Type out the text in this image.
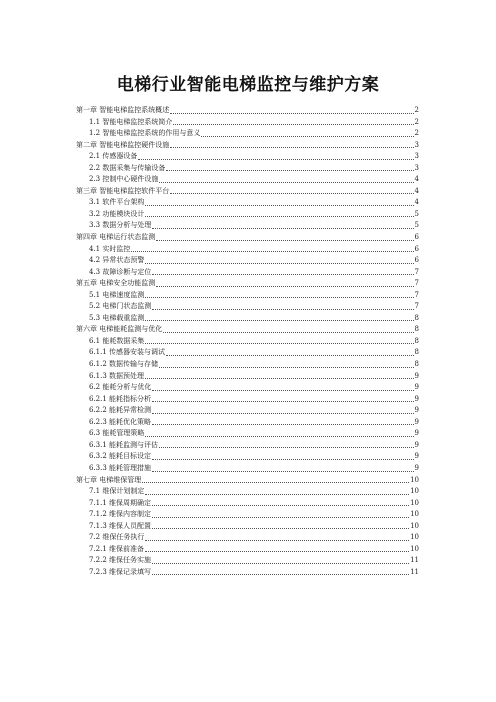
电梯行业智能电梯监控与维护方案
第一章 智能电梯监控系统概述	2
1.1 智能电梯监控系统简介	2
1.2 智能电梯监控系统的作用与意义	2
第二章 智能电梯监控硬件设施	3
2.1 传感器设备	3
2.2 数据采集与传输设备	3
2.3 控制中心硬件设施	4
第三章 智能电梯监控软件平台	4
3.1 软件平台架构	4
3.2 功能模块设计	5
3.3 数据分析与处理	5
第四章 电梯运行状态监测	6
4.1 实时监控	6
4.2 异常状态预警	6
4.3 故障诊断与定位	7
第五章 电梯安全功能监测	7
5.1 电梯速度监测	7
5.2 电梯门状态监测	7
5.3 电梯载重监测	8
第六章 电梯能耗监测与优化	8
6.1 能耗数据采集	8
6.1.1 传感器安装与调试	8
6.1.2 数据传输与存储	8
6.1.3 数据预处理	9
6.2 能耗分析与优化	9
6.2.1 能耗指标分析	9
6.2.2 能耗异常检测	9
6.2.3 能耗优化策略	9
6.3 能耗管理策略	9
6.3.1 能耗监测与评估	9
6.3.2 能耗目标设定	9
6.3.3 能耗管理措施	9
第七章 电梯维保管理	10
7.1 维保计划制定	10
7.1.1 维保周期确定	10
7.1.2 维保内容制定	10
7.1.3 维保人员配置	10
7.2 维保任务执行	10
7.2.1 维保前准备	10
7.2.2 维保任务实施	11
7.2.3 维保记录填写	11
